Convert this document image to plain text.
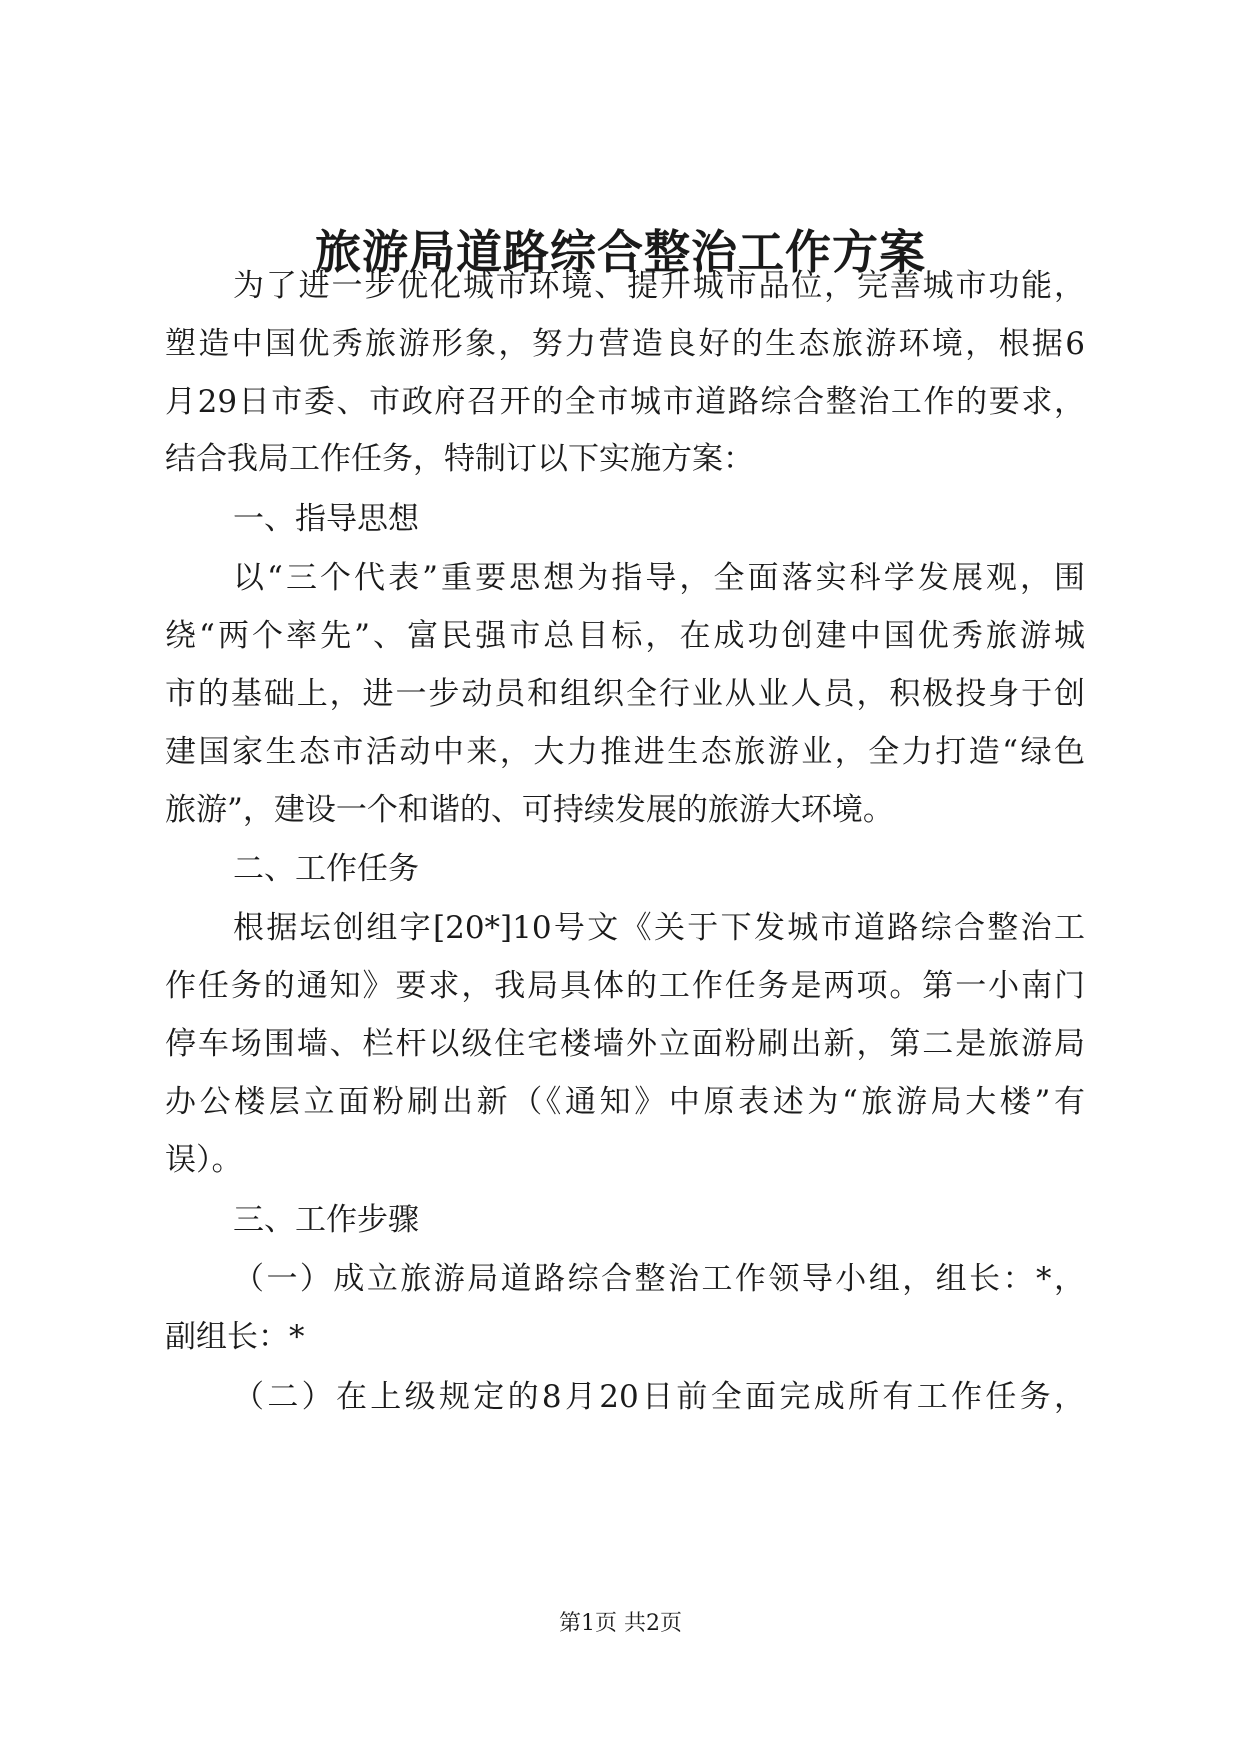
旅游局道路综合整治工作方案
为了进一步优化城市环境、提升城市品位，完善城市功能，
塑造中国优秀旅游形象，努力营造良好的生态旅游环境，根据6
月29日市委、市政府召开的全市城市道路综合整治工作的要求，
结合我局工作任务，特制订以下实施方案：
一、指导思想
以“三个代表”重要思想为指导，全面落实科学发展观，围
绕“两个率先”、富民强市总目标，在成功创建中国优秀旅游城
市的基础上，进一步动员和组织全行业从业人员，积极投身于创
建国家生态市活动中来，大力推进生态旅游业，全力打造“绿色
旅游”，建设一个和谐的、可持续发展的旅游大环境。
二、工作任务
根据坛创组字[20*]10号文《关于下发城市道路综合整治工
作任务的通知》要求，我局具体的工作任务是两项。第一小南门
停车场围墙、栏杆以级住宅楼墙外立面粉刷出新，第二是旅游局
办公楼层立面粉刷出新（《通知》中原表述为“旅游局大楼”有
误）。
三、工作步骤
（一）成立旅游局道路综合整治工作领导小组，组长：*，
副组长：*
（二）在上级规定的8月20日前全面完成所有工作任务，
第1页 共2页
